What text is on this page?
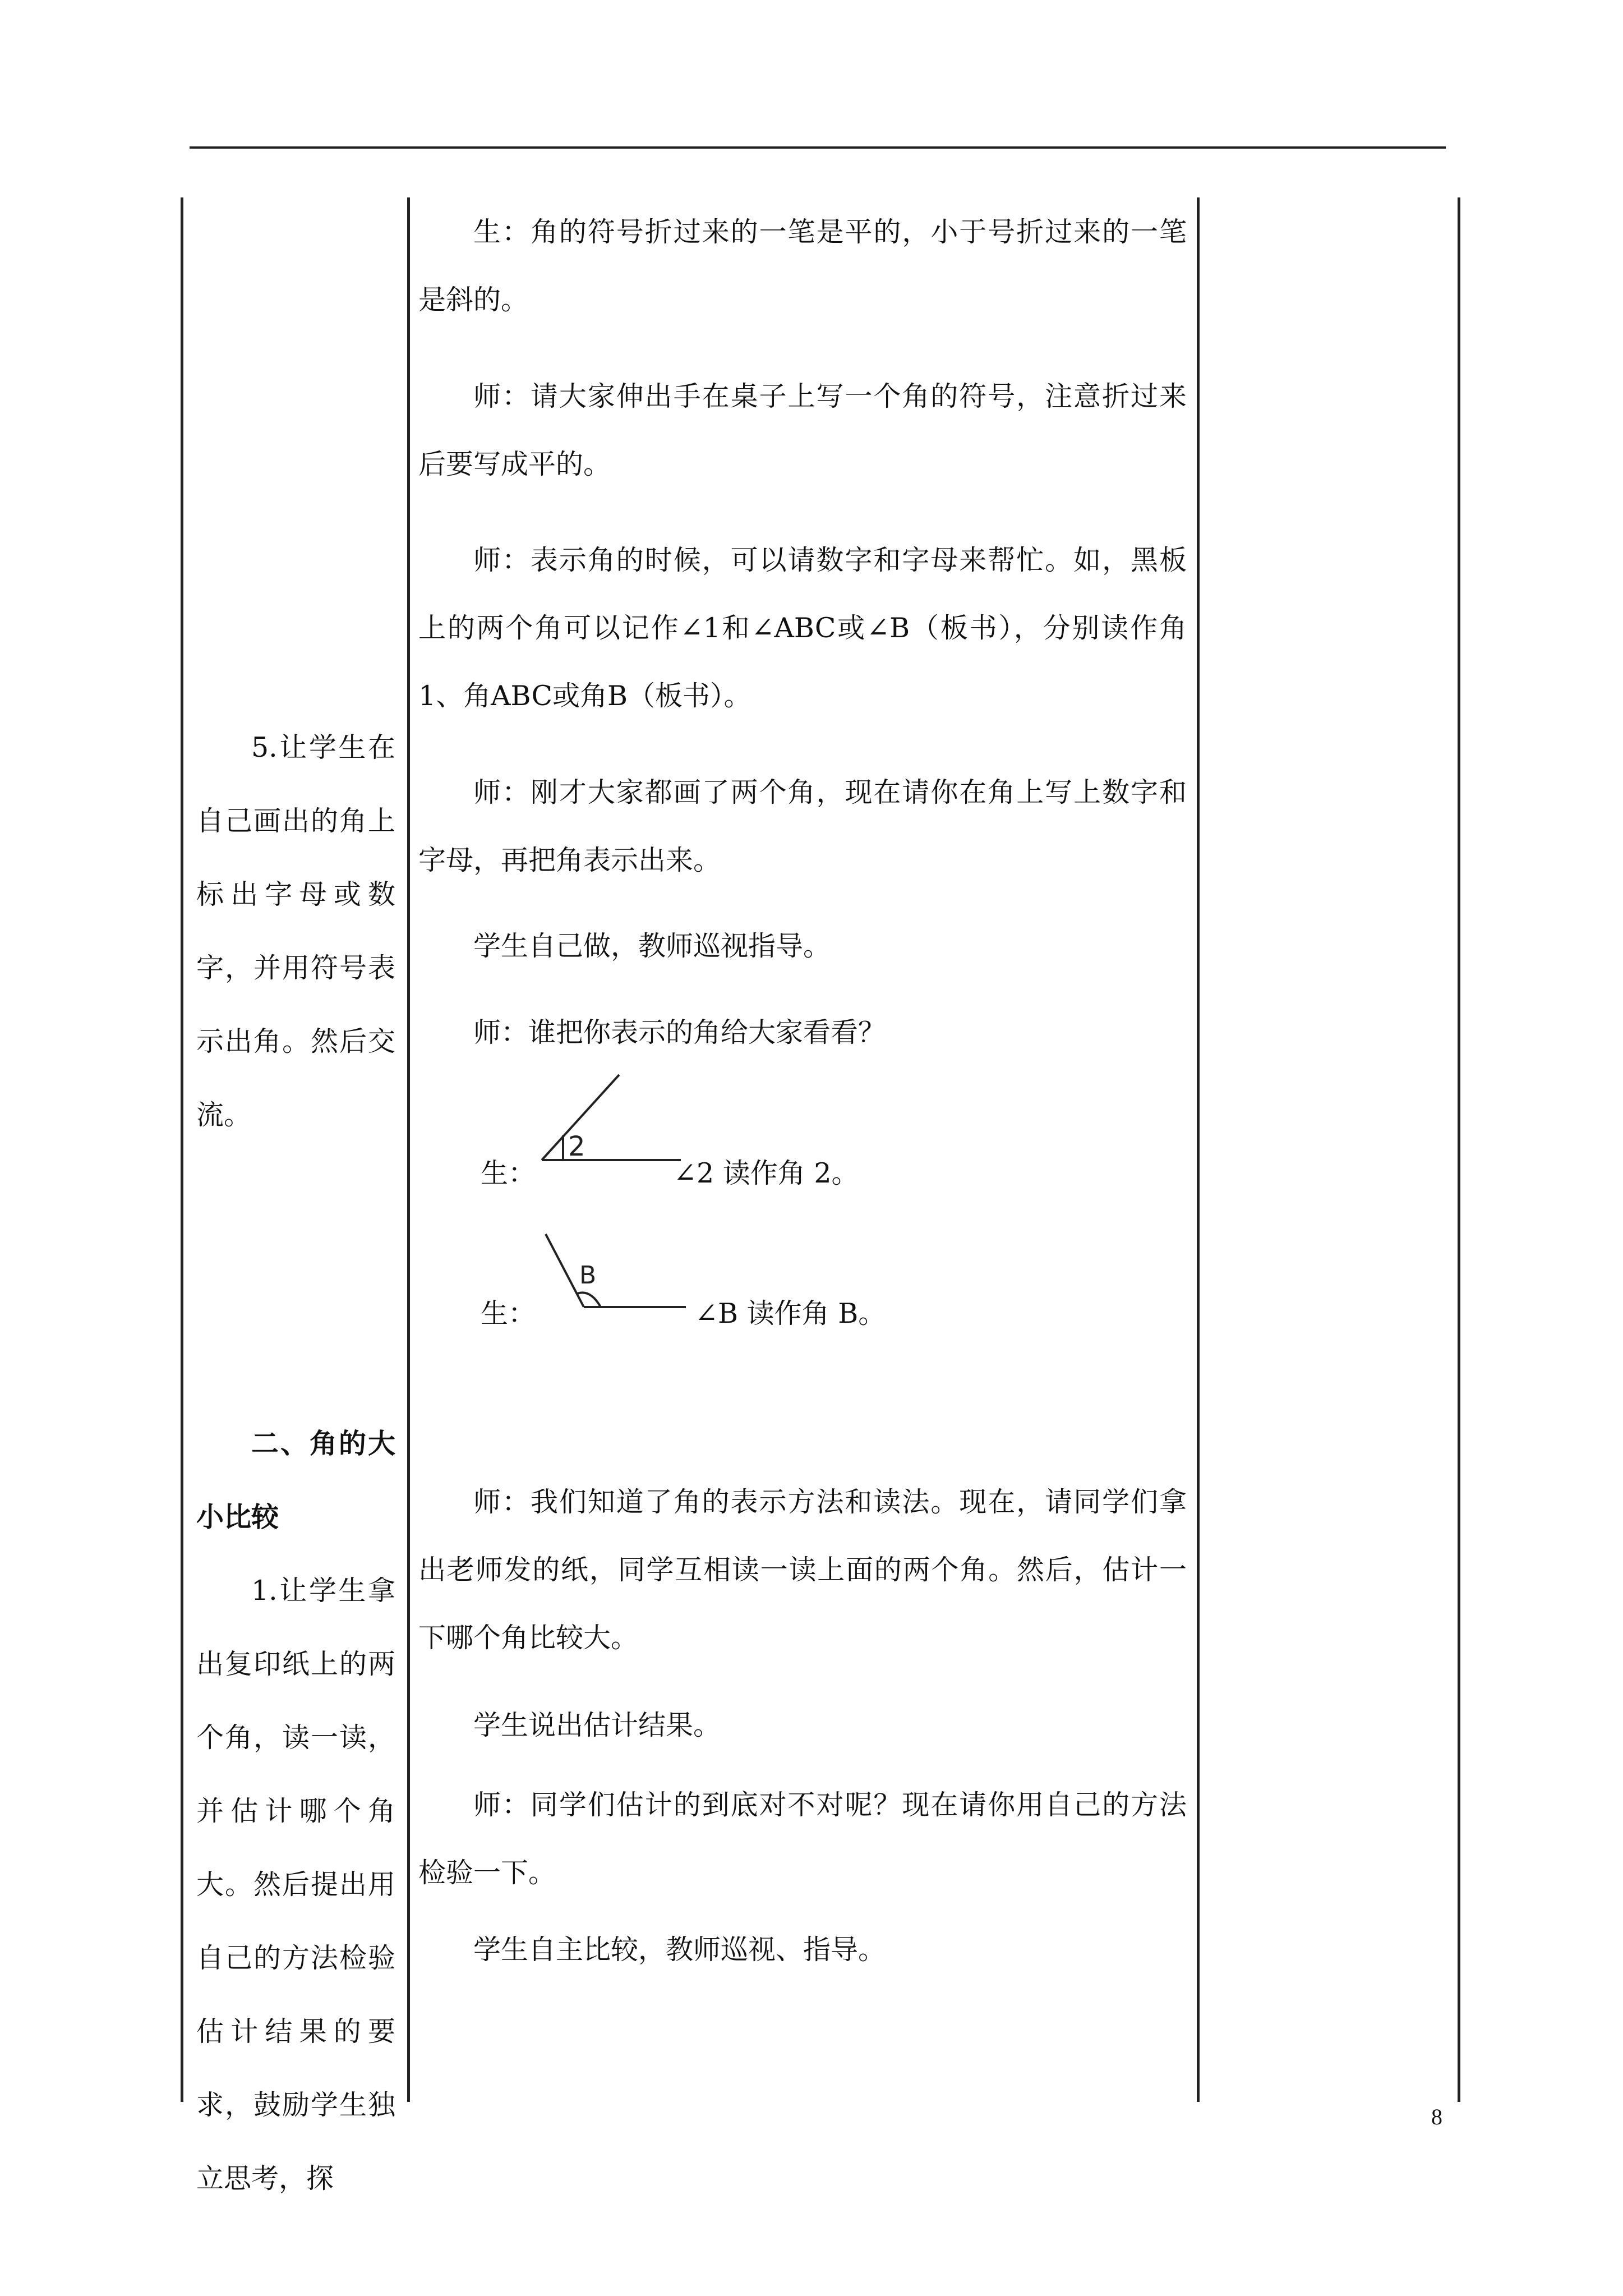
5.让学生在自己画出的角上标出字母或数字，并用符号表示出角。然后交流。

二、角的大小比较

1.让学生拿出复印纸上的两个角，读一读，并估计哪个角大。然后提出用自己的方法检验估计结果的要求，鼓励学生独立思考，探

生：角的符号折过来的一笔是平的，小于号折过来的一笔是斜的。

师：请大家伸出手在桌子上写一个角的符号，注意折过来后要写成平的。

师：表示角的时候，可以请数字和字母来帮忙。如，黑板上的两个角可以记作∠1和∠ABC或∠B（板书），分别读作角1、角ABC或角B（板书）。

师：刚才大家都画了两个角，现在请你在角上写上数字和字母，再把角表示出来。

学生自己做，教师巡视指导。

师：谁把你表示的角给大家看看？

生：	∠2 读作角 2。
2
生：	∠B 读作角 B。
B

师：我们知道了角的表示方法和读法。现在，请同学们拿出老师发的纸，同学互相读一读上面的两个角。然后，估计一下哪个角比较大。

学生说出估计结果。

师：同学们估计的到底对不对呢？现在请你用自己的方法检验一下。

学生自主比较，教师巡视、指导。

8
